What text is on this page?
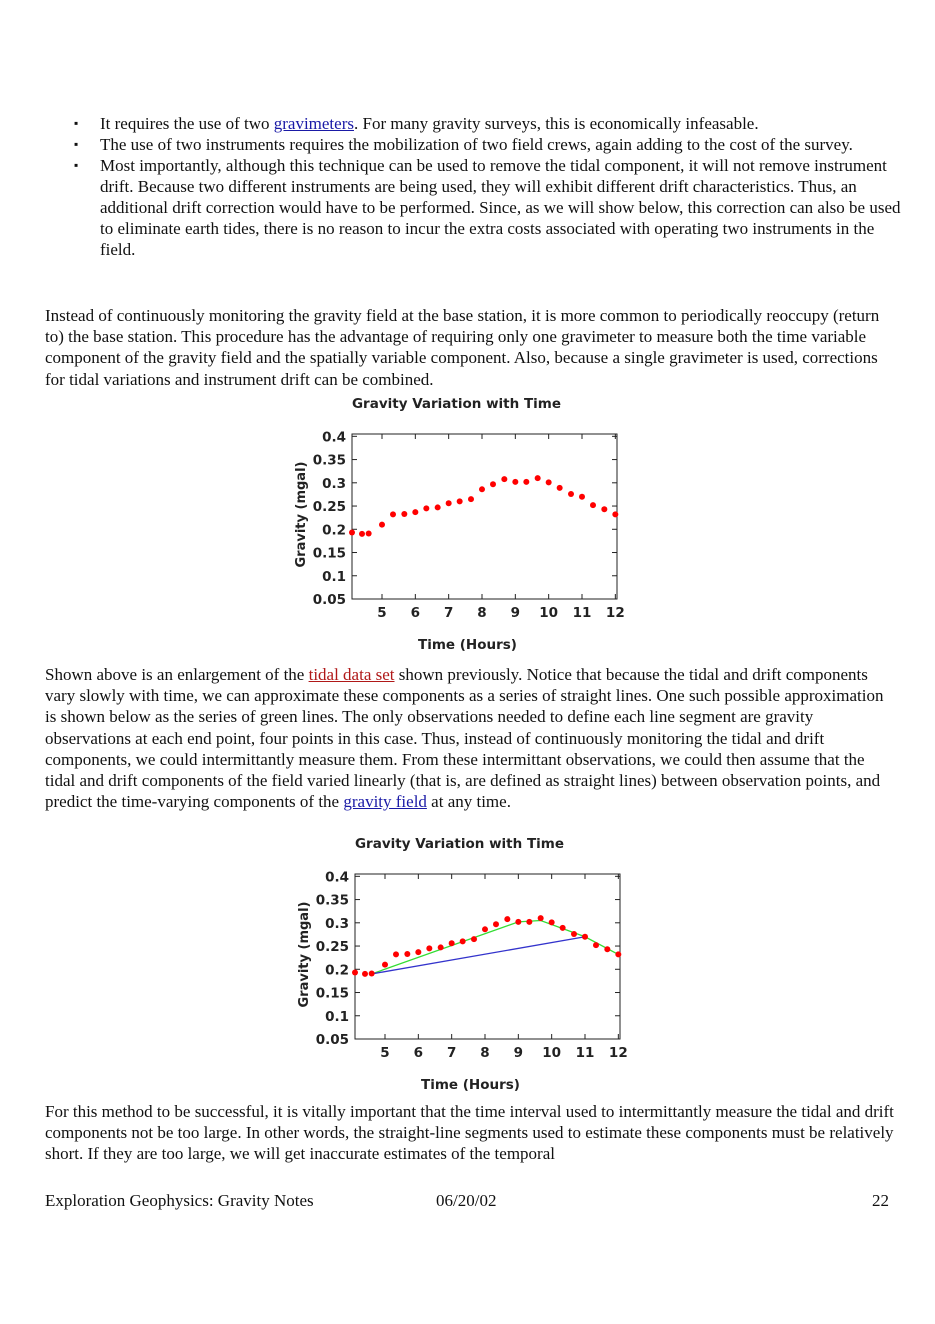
▪ It requires the use of two gravimeters. For many gravity surveys, this is economically infeasable.
▪ The use of two instruments requires the mobilization of two field crews, again adding to the cost of the survey.
▪ Most importantly, although this technique can be used to remove the tidal component, it will not remove instrument drift. Because two different instruments are being used, they will exhibit different drift characteristics. Thus, an additional drift correction would have to be performed. Since, as we will show below, this correction can also be used to eliminate earth tides, there is no reason to incur the extra costs associated with operating two instruments in the field.

Instead of continuously monitoring the gravity field at the base station, it is more common to periodically reoccupy (return to) the base station. This procedure has the advantage of requiring only one gravimeter to measure both the time variable component of the gravity field and the spatially variable component. Also, because a single gravimeter is used, corrections for tidal variations and instrument drift can be combined.

Gravity Variation with Time
5 6 7 8 9 10 11 12
0.05
0.1
0.15
0.2
0.25
0.3
0.35
0.4
Time (Hours)
Gravity (mgal)

Shown above is an enlargement of the tidal data set shown previously. Notice that because the tidal and drift components vary slowly with time, we can approximate these components as a series of straight lines. One such possible approximation is shown below as the series of green lines. The only observations needed to define each line segment are gravity observations at each end point, four points in this case. Thus, instead of continuously monitoring the tidal and drift components, we could intermittantly measure them. From these intermittant observations, we could then assume that the tidal and drift components of the field varied linearly (that is, are defined as straight lines) between observation points, and predict the time-varying components of the gravity field at any time.

Gravity Variation with Time
5 6 7 8 9 10 11 12
0.05
0.1
0.15
0.2
0.25
0.3
0.35
0.4
Time (Hours)
Gravity (mgal)

For this method to be successful, it is vitally important that the time interval used to intermittantly measure the tidal and drift components not be too large. In other words, the straight-line segments used to estimate these components must be relatively short. If they are too large, we will get inaccurate estimates of the temporal

Exploration Geophysics: Gravity Notes	06/20/02	22
